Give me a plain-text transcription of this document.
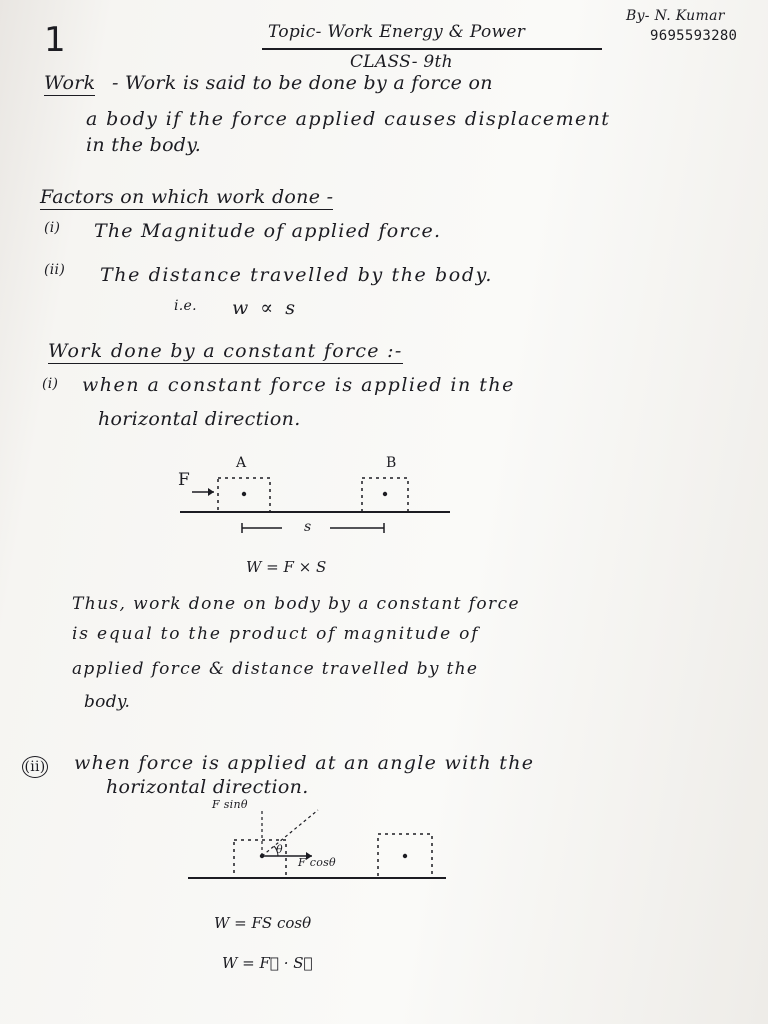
1	Topic- Work Energy & Power
CLASS- 9th
By- N. Kumar
9695593280
Work - Work is said to be done by a force on
a body if the force applied causes displacement
in the body.
Factors on which work done -
(i) The Magnitude of applied force.
(ii) The distance travelled by the body.
i.e. w ∝ s
Work done by a constant force :-
(i) when a constant force is applied in the
horizontal direction.
F
A	B
s
W = F × S
Thus, work done on body by a constant force
is equal to the product of magnitude of
applied force & distance travelled by the
body.
(ii) when force is applied at an angle with the
horizontal direction.
F sinθ
F cosθ
θ
W = FS cosθ
W = F⃗ · S⃗
